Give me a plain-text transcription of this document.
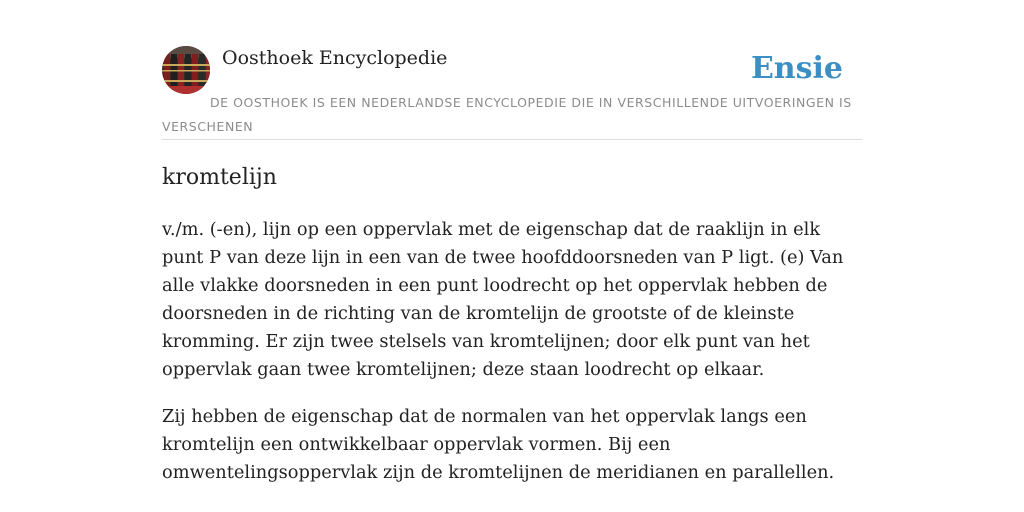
Oosthoek Encyclopedie	Ensie
DE OOSTHOEK IS EEN NEDERLANDSE ENCYCLOPEDIE DIE IN VERSCHILLENDE UITVOERINGEN IS VERSCHENEN
kromtelijn

v./m. (-en), lijn op een oppervlak met de eigenschap dat de raaklijn in elk punt P van deze lijn in een van de twee hoofddoorsneden van P ligt. (e) Van alle vlakke doorsneden in een punt loodrecht op het oppervlak hebben de doorsneden in de richting van de kromtelijn de grootste of de kleinste kromming. Er zijn twee stelsels van kromtelijnen; door elk punt van het oppervlak gaan twee kromtelijnen; deze staan loodrecht op elkaar.

Zij hebben de eigenschap dat de normalen van het oppervlak langs een kromtelijn een ontwikkelbaar oppervlak vormen. Bij een omwentelingsoppervlak zijn de kromtelijnen de meridianen en parallellen.
